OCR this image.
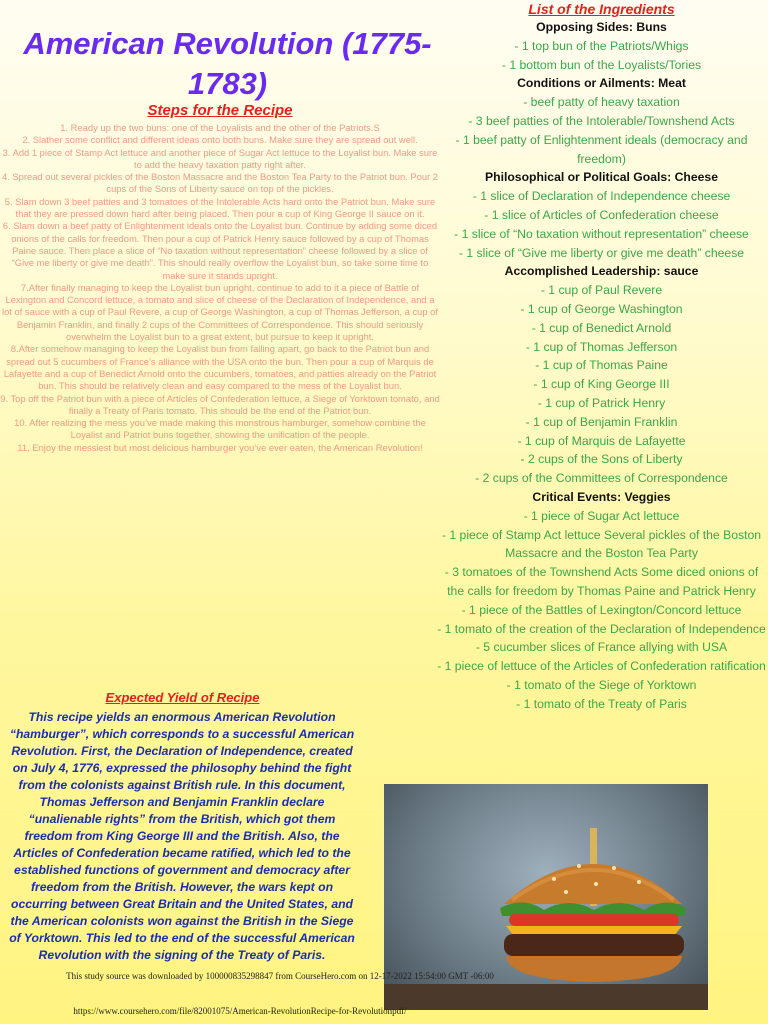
American Revolution (1775-1783)
Steps for the Recipe

1. Ready up the two buns: one of the Loyalists and the other of the Patriots.S

2. Slather some conflict and different ideas onto both buns. Make sure they are spread out well.

3. Add 1 piece of Stamp Act lettuce and another piece of Sugar Act lettuce to the Loyalist bun. Make sure to add the heavy taxation patty right after.

4. Spread out several pickles of the Boston Massacre and the Boston Tea Party to the Patriot bun. Pour 2 cups of the Sons of Liberty sauce on top of the pickles.

5. Slam down 3 beef patties and 3 tomatoes of the Intolerable Acts hard onto the Patriot bun. Make sure that they are pressed down hard after being placed. Then pour a cup of King George II sauce on it.

6. Slam down a beef patty of Enlightenment ideals onto the Loyalist bun. Continue by adding some diced onions of the calls for freedom. Then pour a cup of Patrick Henry sauce followed by a cup of Thomas Paine sauce. Then place a slice of “No taxation without representation” cheese followed by a slice of “Give me liberty or give me death”. This should really overflow the Loyalist bun, so take some time to make sure it stands upright.

7.After finally managing to keep the Loyalist bun upright, continue to add to it a piece of Battle of Lexington and Concord lettuce, a tomato and slice of cheese of the Declaration of Independence, and a lot of sauce with a cup of Paul Revere, a cup of George Washington, a cup of Thomas Jefferson, a cup of Benjamin Franklin, and finally 2 cups of the Committees of Correspondence. This should seriously overwhelm the Loyalist bun to a great extent, but pursue to keep it upright.

8.After somehow managing to keep the Loyalist bun from falling apart, go back to the Patriot bun and spread out 5 cucumbers of France’s alliance with the USA onto the bun. Then pour a cup of Marquis de Lafayette and a cup of Benedict Arnold onto the cucumbers, tomatoes, and patties already on the Patriot bun. This should be relatively clean and easy compared to the mess of the Loyalist bun.

9. Top off the Patriot bun with a piece of Articles of Confederation lettuce, a Siege of Yorktown tomato, and finally a Treaty of Paris tomato. This should be the end of the Patriot bun.

10. After realizing the mess you’ve made making this monstrous hamburger, somehow combine the Loyalist and Patriot buns together, showing the unification of the people.

11. Enjoy the messiest but most delicious hamburger you’ve ever eaten, the American Revolution!

Expected Yield of Recipe

This recipe yields an enormous American Revolution “hamburger”, which corresponds to a successful American Revolution. First, the Declaration of Independence, created on July 4, 1776, expressed the philosophy behind the fight from the colonists against British rule. In this document, Thomas Jefferson and Benjamin Franklin declare “unalienable rights” from the British, which got them freedom from King George III and the British. Also, the Articles of Confederation became ratified, which led to the established functions of government and democracy after freedom from the British. However, the wars kept on occurring between Great Britain and the United States, and the American colonists won against the British in the Siege of Yorktown. This led to the end of the successful American Revolution with the signing of the Treaty of Paris.

List of the Ingredients

Opposing Sides: Buns

- 1 top bun of the Patriots/Whigs

- 1 bottom bun of the Loyalists/Tories

Conditions or Ailments: Meat

- beef patty of heavy taxation

- 3 beef patties of the Intolerable/Townshend Acts

- 1 beef patty of Enlightenment ideals (democracy and freedom)

Philosophical or Political Goals: Cheese

- 1 slice of Declaration of Independence cheese

- 1 slice of Articles of Confederation cheese

- 1 slice of “No taxation without representation” cheese

- 1 slice of “Give me liberty or give me death” cheese

Accomplished Leadership: sauce

- 1 cup of Paul Revere

- 1 cup of George Washington

- 1 cup of Benedict Arnold

- 1 cup of Thomas Jefferson

- 1 cup of Thomas Paine

- 1 cup of King George III

- 1 cup of Patrick Henry

- 1 cup of Benjamin Franklin

- 1 cup of Marquis de Lafayette

- 2 cups of the Sons of Liberty

- 2 cups of the Committees of Correspondence

Critical Events: Veggies

- 1 piece of Sugar Act lettuce

- 1 piece of Stamp Act lettuce Several pickles of the Boston Massacre and the Boston Tea Party

- 3 tomatoes of the Townshend Acts Some diced onions of the calls for freedom by Thomas Paine and Patrick Henry

- 1 piece of the Battles of Lexington/Concord lettuce

- 1 tomato of the creation of the Declaration of Independence

- 5 cucumber slices of France allying with USA

- 1 piece of lettuce of the Articles of Confederation ratification

- 1 tomato of the Siege of Yorktown

- 1 tomato of the Treaty of Paris

This study source was downloaded by 100000835298847 from CourseHero.com on 12-17-2022 15:54:00 GMT -06:00
https://www.coursehero.com/file/82001075/American-RevolutionRecipe-for-Revolutionpdf/
